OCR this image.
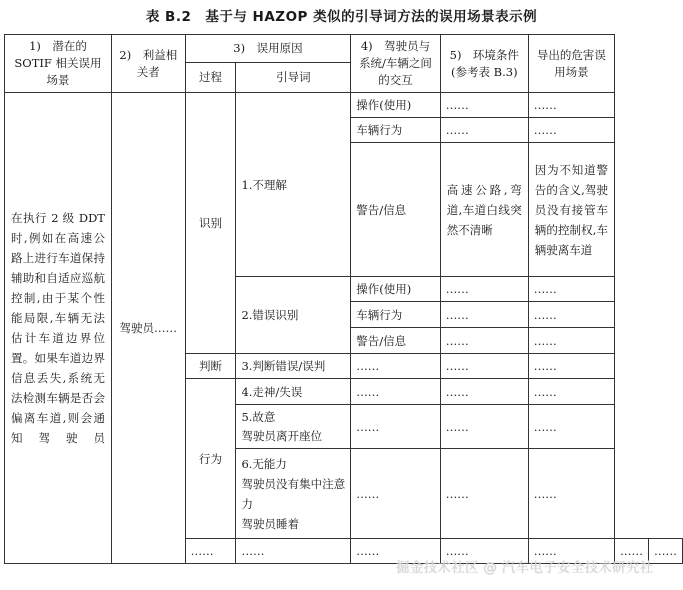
表 B.2　基于与 HAZOP 类似的引导词方法的误用场景表示例
1)　潜在的 SOTIF 相关误用场景	2)　利益相关者	3)　误用原因		4)　驾驶员与系统/车辆之间的交互	5)　环境条件(参考表 B.3)	导出的危害误用场景		
		过程	引导词					
在执行 2 级 DDT 时,例如在高速公路上进行车道保持辅助和自适应巡航控制,由于某个性能局限,车辆无法估计车道边界位置。如果车道边界信息丢失,系统无法检测车辆是否会偏离车道,则会通知驾驶员	驾驶员……	识别	1.不理解	操作(使用)	……	……		
				车辆行为	……	……		
				警告/信息	高速公路,弯道,车道白线突然不清晰	因为不知道警告的含义,驾驶员没有接管车辆的控制权,车辆驶离车道		
			2.错误识别	操作(使用)	……	……		
				车辆行为	……	……		
				警告/信息	……	……		
		判断	3.判断错误/误判	……	……	……		
		行为	4.走神/失误	……	……	……		

			5.故意
驾驶员离开座位	……	……	……		

			6.无能力
驾驶员没有集中注意力
驾驶员睡着	……	……	……		
		……	……	……	……	……	……	……
掘金技术社区 @ 汽车电子安全技术研究社
